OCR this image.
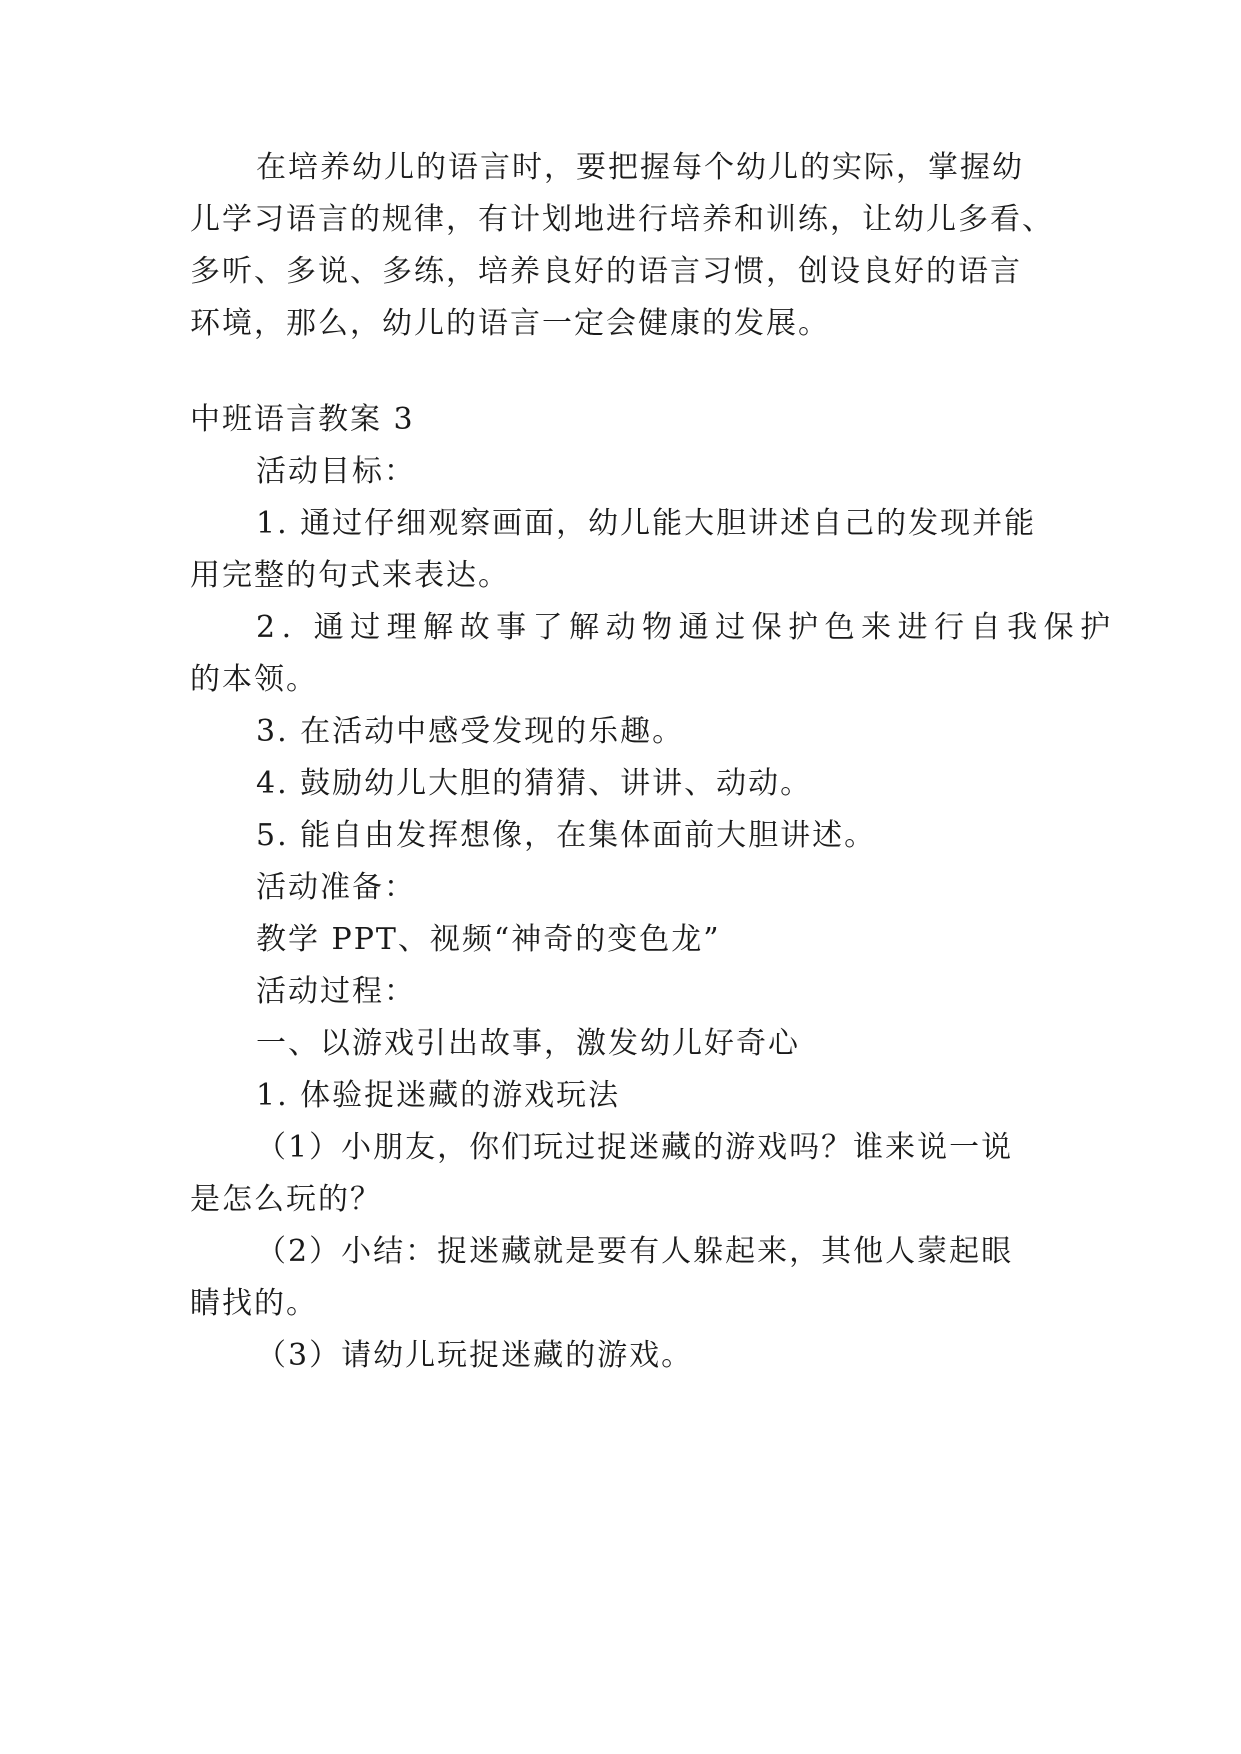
在培养幼儿的语言时，要把握每个幼儿的实际，掌握幼
儿学习语言的规律，有计划地进行培养和训练，让幼儿多看、
多听、多说、多练，培养良好的语言习惯，创设良好的语言
环境，那么，幼儿的语言一定会健康的发展。
中班语言教案 3
活动目标：
1. 通过仔细观察画面，幼儿能大胆讲述自己的发现并能
用完整的句式来表达。
2. 通过理解故事了解动物通过保护色来进行自我保护
的本领。
3. 在活动中感受发现的乐趣。
4. 鼓励幼儿大胆的猜猜、讲讲、动动。
5. 能自由发挥想像，在集体面前大胆讲述。
活动准备：
教学 PPT、视频“神奇的变色龙”
活动过程：
一、以游戏引出故事，激发幼儿好奇心
1. 体验捉迷藏的游戏玩法
（1）小朋友，你们玩过捉迷藏的游戏吗？谁来说一说
是怎么玩的？
（2）小结：捉迷藏就是要有人躲起来，其他人蒙起眼
睛找的。
（3）请幼儿玩捉迷藏的游戏。
